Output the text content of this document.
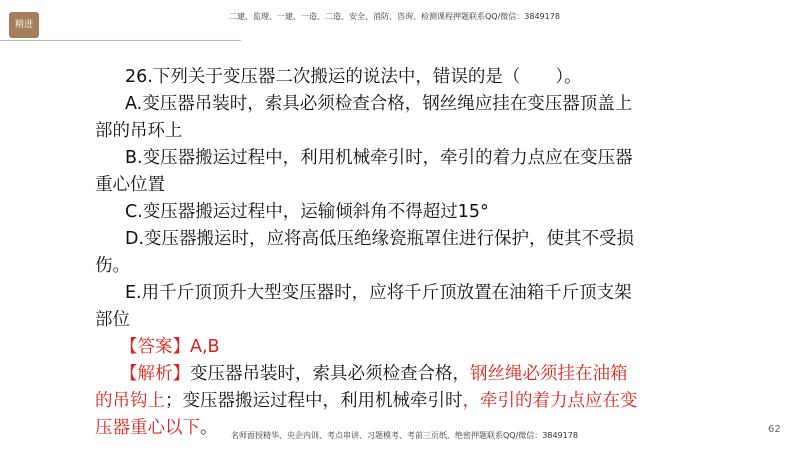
精进
二建、监理、一建、一造、二造、安全、消防、咨询、检测课程押题联系QQ/微信：3849178

26.下列关于变压器二次搬运的说法中，错误的是（　　）。

A.变压器吊装时，索具必须检查合格，钢丝绳应挂在变压器顶盖上

部的吊环上

B.变压器搬运过程中，利用机械牵引时，牵引的着力点应在变压器

重心位置

C.变压器搬运过程中，运输倾斜角不得超过15°

D.变压器搬运时，应将高低压绝缘瓷瓶罩住进行保护，使其不受损

伤。

E.用千斤顶顶升大型变压器时，应将千斤顶放置在油箱千斤顶支架

部位

【答案】A,B

【解析】变压器吊装时，索具必须检查合格，钢丝绳必须挂在油箱

的吊钩上；变压器搬运过程中，利用机械牵引时，牵引的着力点应在变

压器重心以下。	名师面授精华、央企内训、考点串讲、习题模考、考前三页纸、绝密押题联系QQ/微信：3849178
62
